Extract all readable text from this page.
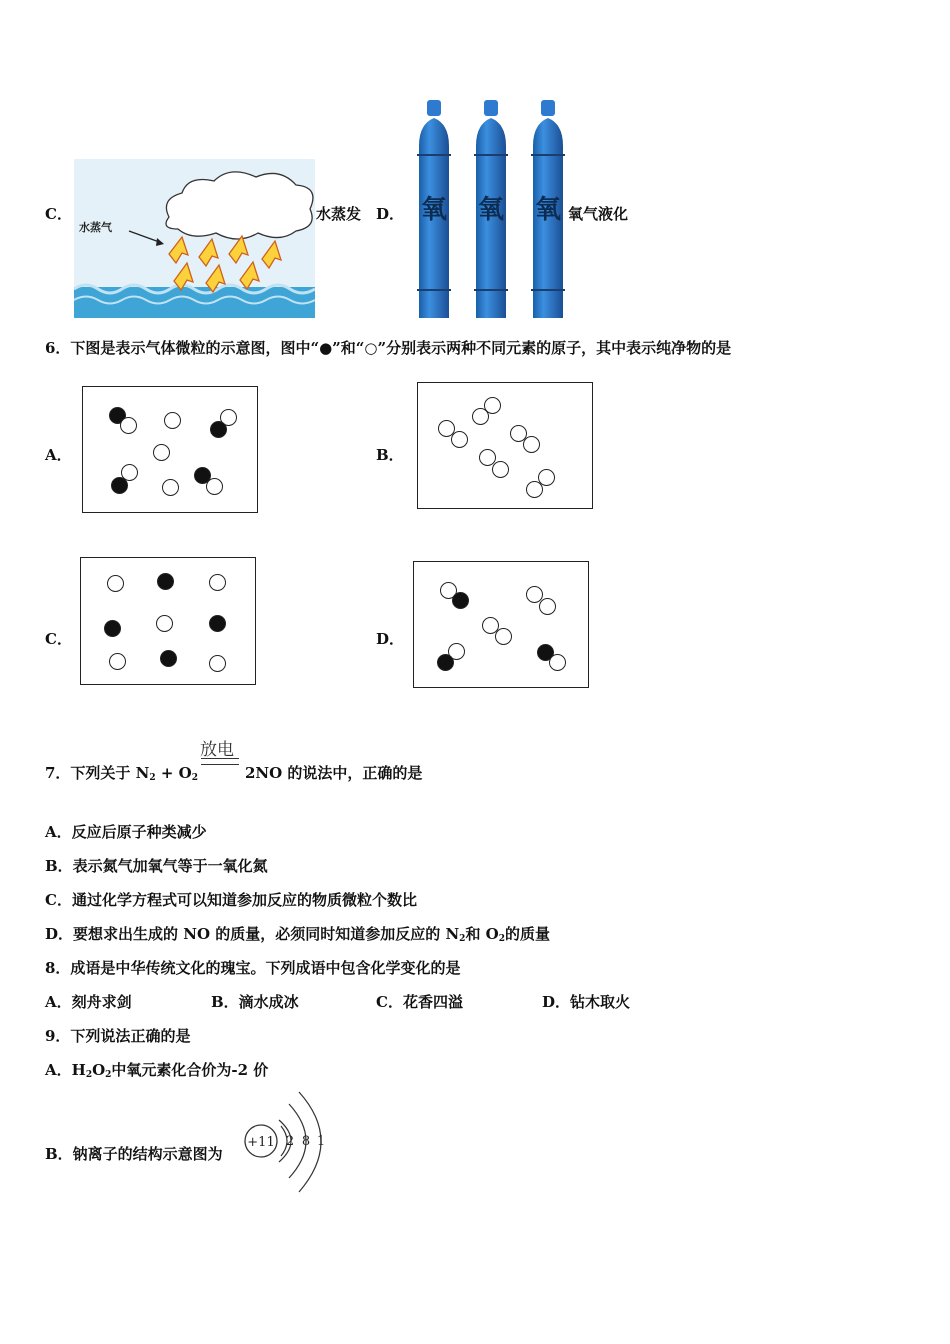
C．
水蒸气
水蒸发 D． 氧 氧 氧 氧气液化
6．下图是表示气体微粒的示意图，图中“●”和“○”分别表示两种不同元素的原子，其中表示纯净物的是
A．	B．
C．	D．
7．下列关于 $N_2 + O_2$
放电
2NO 的说法中，正确的是
A．反应后原子种类减少
B．表示氮气加氧气等于一氧化氮
C．通过化学方程式可以知道参加反应的物质微粒个数比
D．要想求出生成的 NO 的质量，必须同时知道参加反应的 $N_2$和 $O_2$的质量
8．成语是中华传统文化的瑰宝。下列成语中包含化学变化的是
A．刻舟求剑	B．滴水成冰	C．花香四溢	D．钻木取火
9．下列说法正确的是
A．$H_2O_2$中氧元素化合价为-2 价
B．钠离子的结构示意图为
+11 2 8 1
